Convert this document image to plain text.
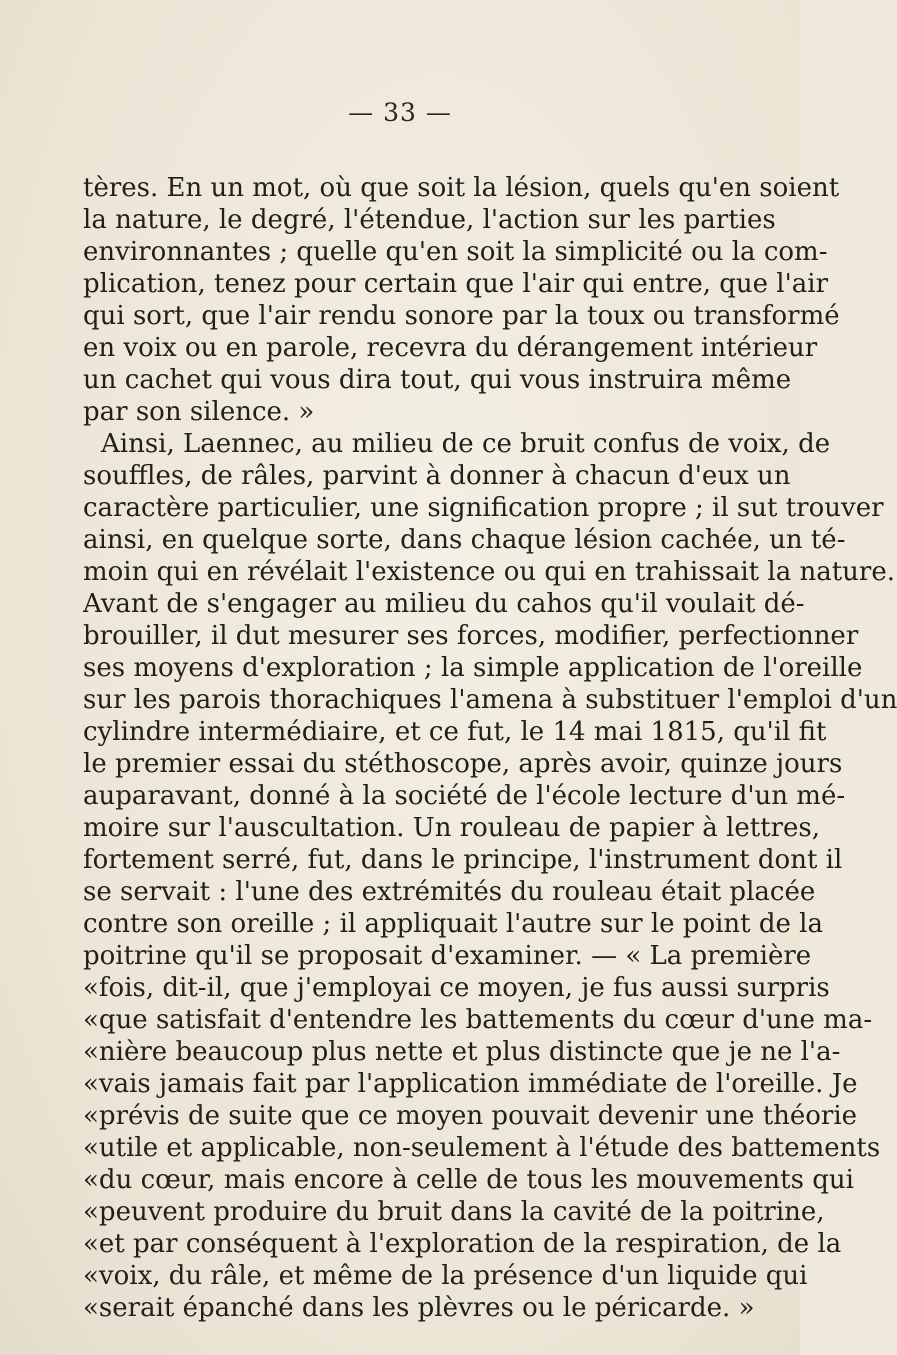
— 33 —
tères. En un mot, où que soit la lésion, quels qu'en soient
la nature, le degré, l'étendue, l'action sur les parties
environnantes ; quelle qu'en soit la simplicité ou la com-
plication, tenez pour certain que l'air qui entre, que l'air
qui sort, que l'air rendu sonore par la toux ou transformé
en voix ou en parole, recevra du dérangement intérieur
un cachet qui vous dira tout, qui vous instruira même
par son silence. »
Ainsi, Laennec, au milieu de ce bruit confus de voix, de
souffles, de râles, parvint à donner à chacun d'eux un
caractère particulier, une signification propre ; il sut trouver
ainsi, en quelque sorte, dans chaque lésion cachée, un té-
moin qui en révélait l'existence ou qui en trahissait la nature.
Avant de s'engager au milieu du cahos qu'il voulait dé-
brouiller, il dut mesurer ses forces, modifier, perfectionner
ses moyens d'exploration ; la simple application de l'oreille
sur les parois thorachiques l'amena à substituer l'emploi d'un
cylindre intermédiaire, et ce fut, le 14 mai 1815, qu'il fit
le premier essai du stéthoscope, après avoir, quinze jours
auparavant, donné à la société de l'école lecture d'un mé-
moire sur l'auscultation. Un rouleau de papier à lettres,
fortement serré, fut, dans le principe, l'instrument dont il
se servait : l'une des extrémités du rouleau était placée
contre son oreille ; il appliquait l'autre sur le point de la
poitrine qu'il se proposait d'examiner. — « La première
« fois, dit-il, que j'employai ce moyen, je fus aussi surpris
« que satisfait d'entendre les battements du cœur d'une ma-
« nière beaucoup plus nette et plus distincte que je ne l'a-
« vais jamais fait par l'application immédiate de l'oreille. Je
« prévis de suite que ce moyen pouvait devenir une théorie
« utile et applicable, non-seulement à l'étude des battements
« du cœur, mais encore à celle de tous les mouvements qui
« peuvent produire du bruit dans la cavité de la poitrine,
« et par conséquent à l'exploration de la respiration, de la
« voix, du râle, et même de la présence d'un liquide qui
« serait épanché dans les plèvres ou le péricarde. »
